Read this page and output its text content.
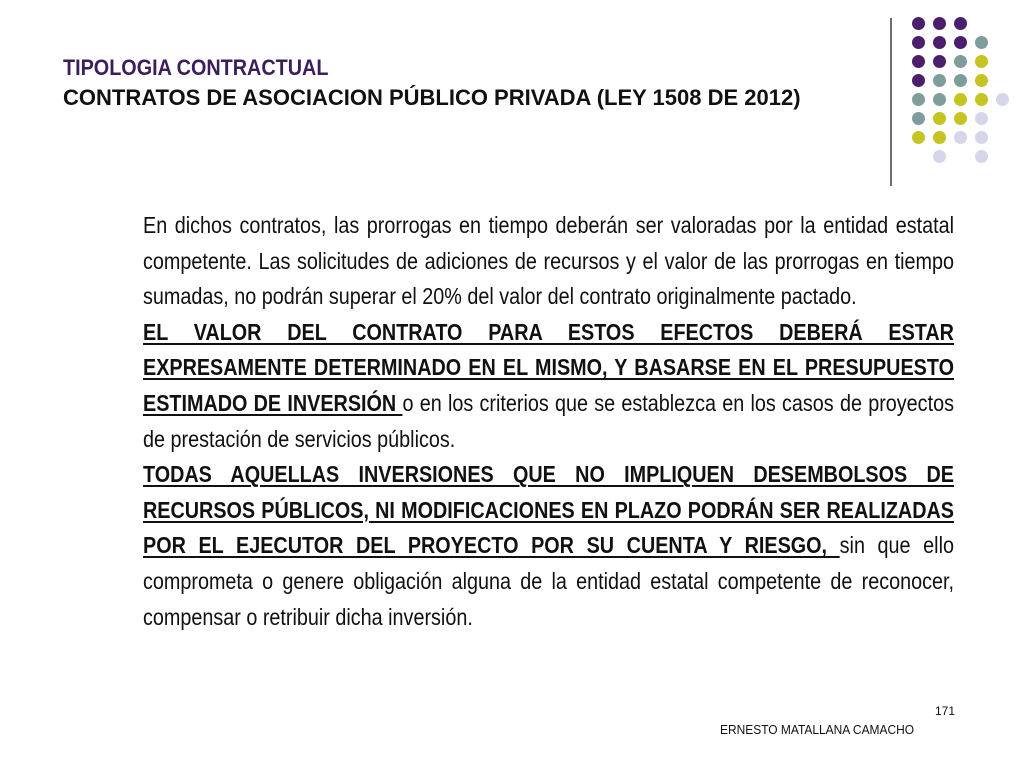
TIPOLOGIA CONTRACTUAL
CONTRATOS DE ASOCIACION PÚBLICO PRIVADA (LEY 1508 DE 2012)

En dichos contratos, las prorrogas en tiempo deberán ser valoradas por la entidad estatal competente. Las solicitudes de adiciones de recursos y el valor de las prorrogas en tiempo sumadas, no podrán superar el 20% del valor del contrato originalmente pactado.

EL VALOR DEL CONTRATO PARA ESTOS EFECTOS DEBERÁ ESTAR EXPRESAMENTE DETERMINADO EN EL MISMO, Y BASARSE EN EL PRESUPUESTO ESTIMADO DE INVERSIÓN o en los criterios que se establezca en los casos de proyectos de prestación de servicios públicos.

TODAS AQUELLAS INVERSIONES QUE NO IMPLIQUEN DESEMBOLSOS DE RECURSOS PÚBLICOS, NI MODIFICACIONES EN PLAZO PODRÁN SER REALIZADAS POR EL EJECUTOR DEL PROYECTO POR SU CUENTA Y RIESGO, sin que ello comprometa o genere obligación alguna de la entidad estatal competente de reconocer, compensar o retribuir dicha inversión.

171
ERNESTO MATALLANA CAMACHO
